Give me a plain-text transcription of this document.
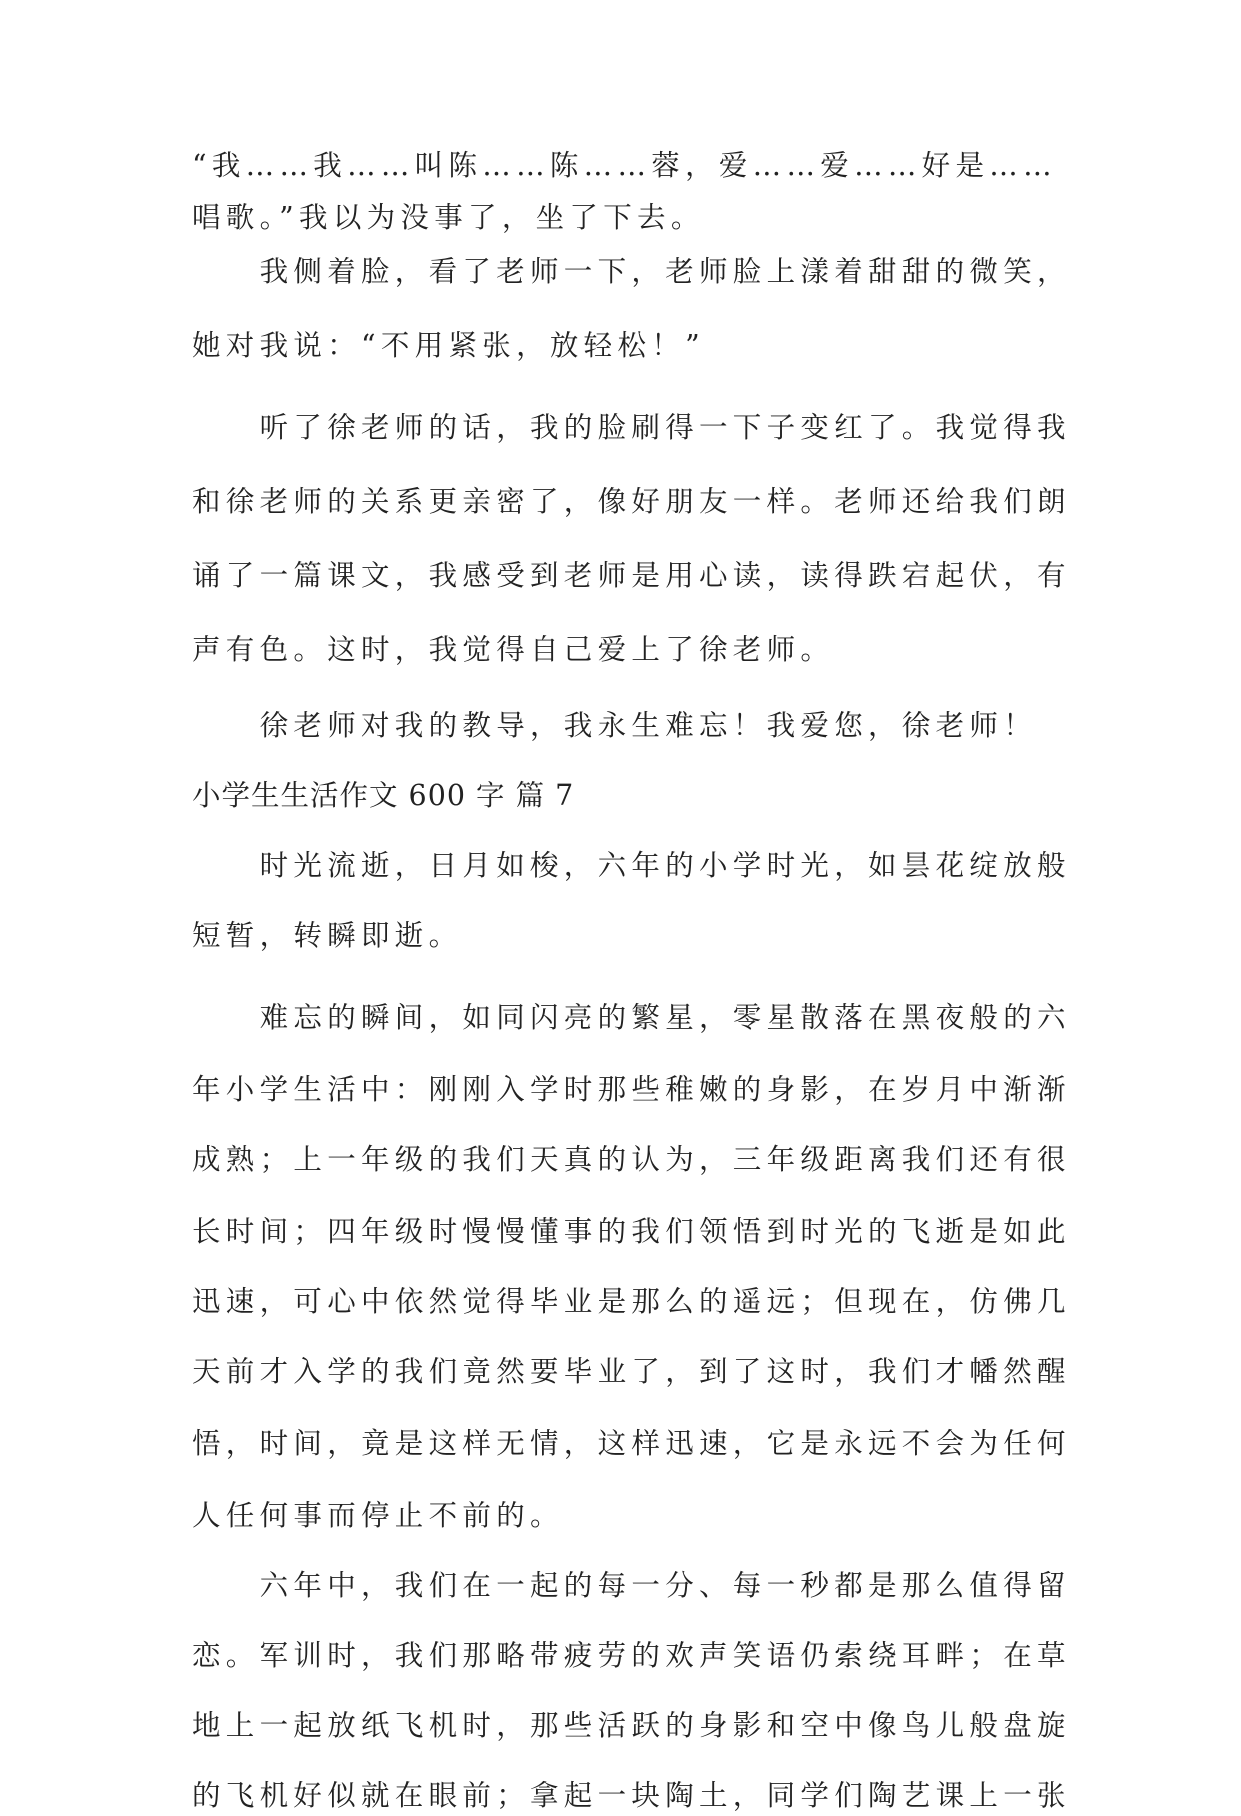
“我……我……叫陈……陈……蓉，爱……爱……好是……
唱歌。”我以为没事了，坐了下去。
　　我侧着脸，看了老师一下，老师脸上漾着甜甜的微笑，
她对我说：“不用紧张，放轻松！”
　　听了徐老师的话，我的脸刷得一下子变红了。我觉得我
和徐老师的关系更亲密了，像好朋友一样。老师还给我们朗
诵了一篇课文，我感受到老师是用心读，读得跌宕起伏，有
声有色。这时，我觉得自己爱上了徐老师。
　　徐老师对我的教导，我永生难忘！我爱您，徐老师！
小学生生活作文 600 字 篇 7
　　时光流逝，日月如梭，六年的小学时光，如昙花绽放般
短暂，转瞬即逝。
　　难忘的瞬间，如同闪亮的繁星，零星散落在黑夜般的六
年小学生活中：刚刚入学时那些稚嫩的身影，在岁月中渐渐
成熟；上一年级的我们天真的认为，三年级距离我们还有很
长时间；四年级时慢慢懂事的我们领悟到时光的飞逝是如此
迅速，可心中依然觉得毕业是那么的遥远；但现在，仿佛几
天前才入学的我们竟然要毕业了，到了这时，我们才幡然醒
悟，时间，竟是这样无情，这样迅速，它是永远不会为任何
人任何事而停止不前的。
　　六年中，我们在一起的每一分、每一秒都是那么值得留
恋。军训时，我们那略带疲劳的欢声笑语仍索绕耳畔；在草
地上一起放纸飞机时，那些活跃的身影和空中像鸟儿般盘旋
的飞机好似就在眼前；拿起一块陶土，同学们陶艺课上一张
